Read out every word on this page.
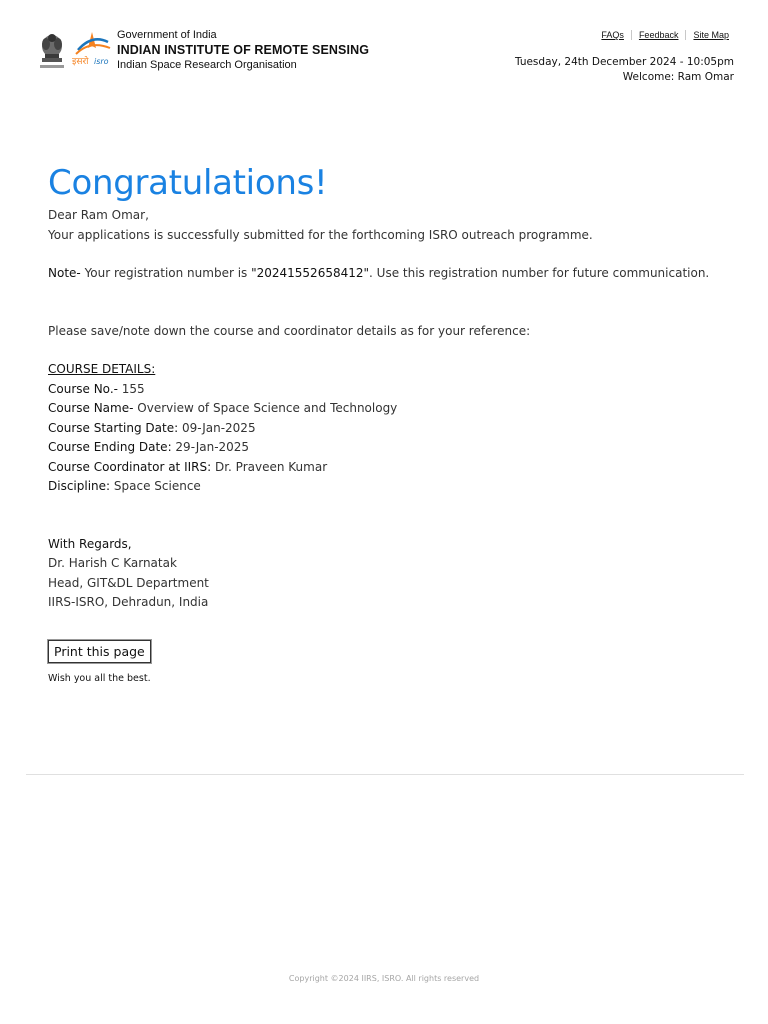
इसरो isro
Government of India
INDIAN INSTITUTE OF REMOTE SENSING
Indian Space Research Organisation
FAQs Feedback Site Map
Tuesday, 24th December 2024 - 10:05pm
Welcome: Ram Omar
Congratulations!
Dear Ram Omar,
Your applications is successfully submitted for the forthcoming ISRO outreach programme.
Note- Your registration number is "20241552658412". Use this registration number for future communication.
Please save/note down the course and coordinator details as for your reference:
COURSE DETAILS:
Course No.- 155
Course Name- Overview of Space Science and Technology
Course Starting Date: 09-Jan-2025
Course Ending Date: 29-Jan-2025
Course Coordinator at IIRS: Dr. Praveen Kumar
Discipline: Space Science
With Regards,
Dr. Harish C Karnatak
Head, GIT&DL Department
IIRS-ISRO, Dehradun, India
Print this page
Wish you all the best.
Copyright ©2024 IIRS, ISRO. All rights reserved
